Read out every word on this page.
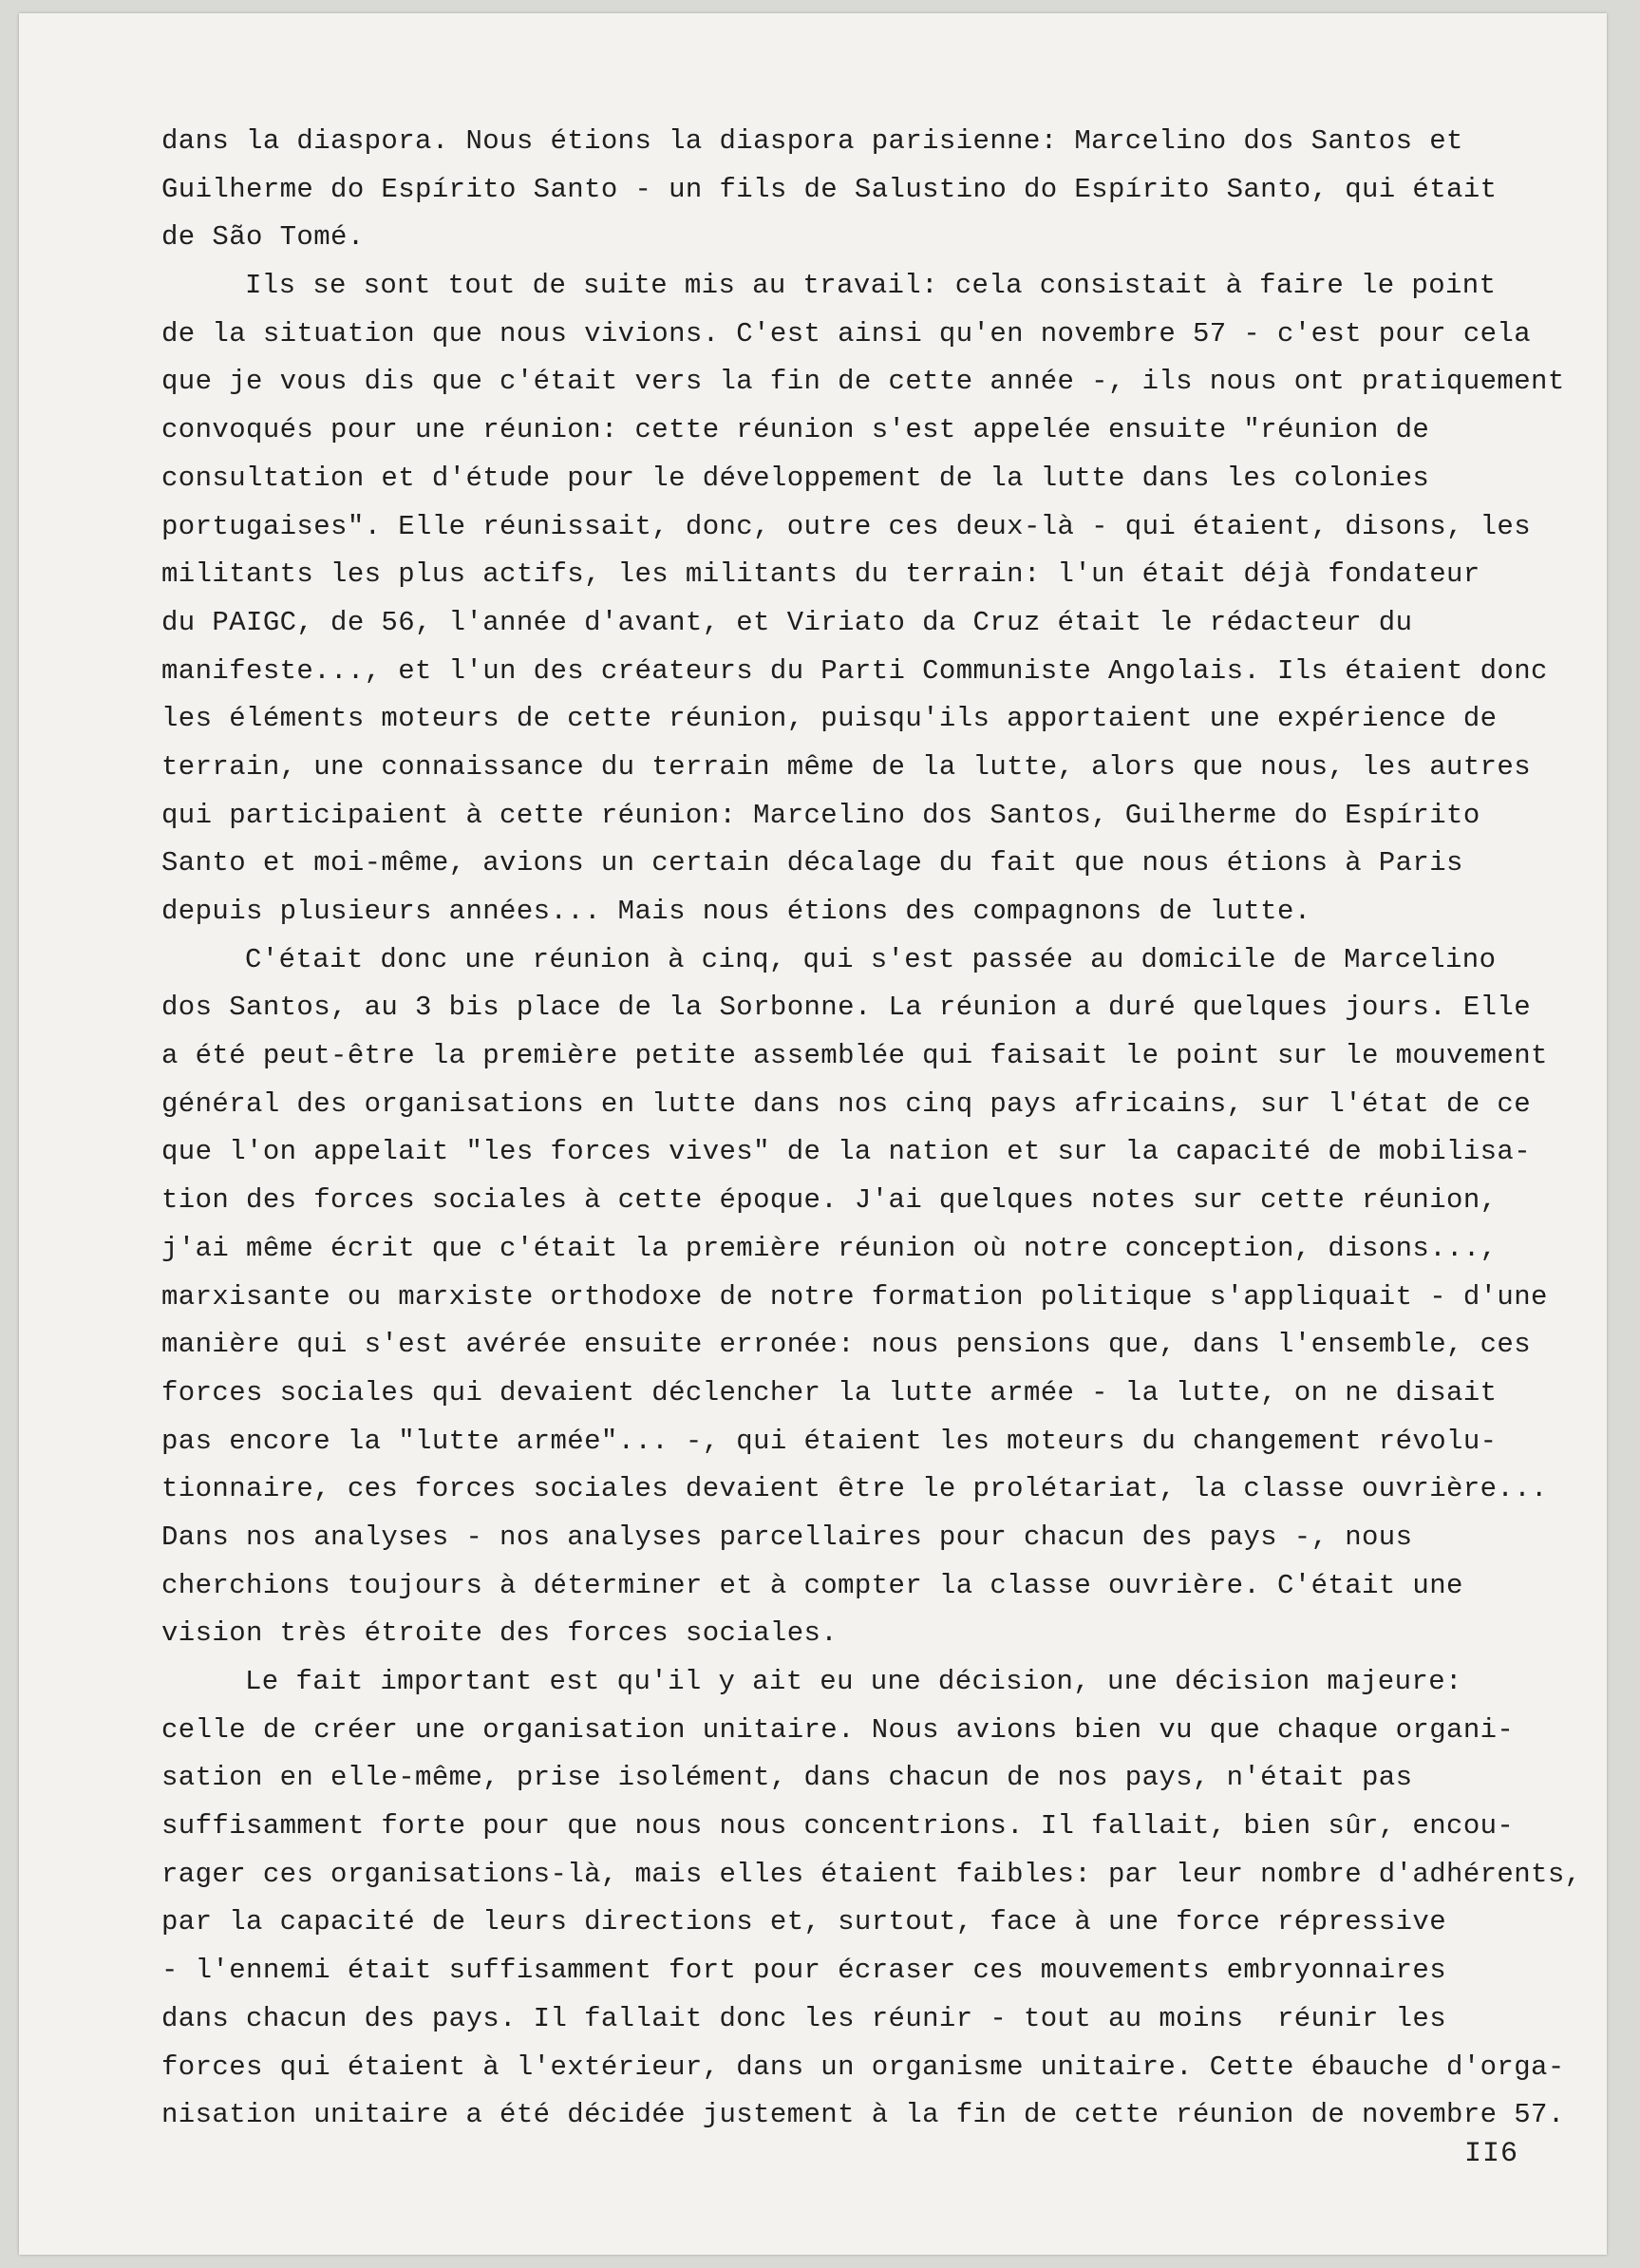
dans la diaspora. Nous étions la diaspora parisienne: Marcelino dos Santos et
Guilherme do Espírito Santo - un fils de Salustino do Espírito Santo, qui était
de São Tomé.
Ils se sont tout de suite mis au travail: cela consistait à faire le point
de la situation que nous vivions. C'est ainsi qu'en novembre 57 - c'est pour cela
que je vous dis que c'était vers la fin de cette année -, ils nous ont pratiquement
convoqués pour une réunion: cette réunion s'est appelée ensuite "réunion de
consultation et d'étude pour le développement de la lutte dans les colonies
portugaises". Elle réunissait, donc, outre ces deux-là - qui étaient, disons, les
militants les plus actifs, les militants du terrain: l'un était déjà fondateur
du PAIGC, de 56, l'année d'avant, et Viriato da Cruz était le rédacteur du
manifeste..., et l'un des créateurs du Parti Communiste Angolais. Ils étaient donc
les éléments moteurs de cette réunion, puisqu'ils apportaient une expérience de
terrain, une connaissance du terrain même de la lutte, alors que nous, les autres
qui participaient à cette réunion: Marcelino dos Santos, Guilherme do Espírito
Santo et moi-même, avions un certain décalage du fait que nous étions à Paris
depuis plusieurs années... Mais nous étions des compagnons de lutte.
C'était donc une réunion à cinq, qui s'est passée au domicile de Marcelino
dos Santos, au 3 bis place de la Sorbonne. La réunion a duré quelques jours. Elle
a été peut-être la première petite assemblée qui faisait le point sur le mouvement
général des organisations en lutte dans nos cinq pays africains, sur l'état de ce
que l'on appelait "les forces vives" de la nation et sur la capacité de mobilisa-
tion des forces sociales à cette époque. J'ai quelques notes sur cette réunion,
j'ai même écrit que c'était la première réunion où notre conception, disons...,
marxisante ou marxiste orthodoxe de notre formation politique s'appliquait - d'une
manière qui s'est avérée ensuite erronée: nous pensions que, dans l'ensemble, ces
forces sociales qui devaient déclencher la lutte armée - la lutte, on ne disait
pas encore la "lutte armée"... -, qui étaient les moteurs du changement révolu-
tionnaire, ces forces sociales devaient être le prolétariat, la classe ouvrière...
Dans nos analyses - nos analyses parcellaires pour chacun des pays -, nous
cherchions toujours à déterminer et à compter la classe ouvrière. C'était une
vision très étroite des forces sociales.
Le fait important est qu'il y ait eu une décision, une décision majeure:
celle de créer une organisation unitaire. Nous avions bien vu que chaque organi-
sation en elle-même, prise isolément, dans chacun de nos pays, n'était pas
suffisamment forte pour que nous nous concentrions. Il fallait, bien sûr, encou-
rager ces organisations-là, mais elles étaient faibles: par leur nombre d'adhérents,
par la capacité de leurs directions et, surtout, face à une force répressive
- l'ennemi était suffisamment fort pour écraser ces mouvements embryonnaires
dans chacun des pays. Il fallait donc les réunir - tout au moins  réunir les
forces qui étaient à l'extérieur, dans un organisme unitaire. Cette ébauche d'orga-
nisation unitaire a été décidée justement à la fin de cette réunion de novembre 57.
II6
